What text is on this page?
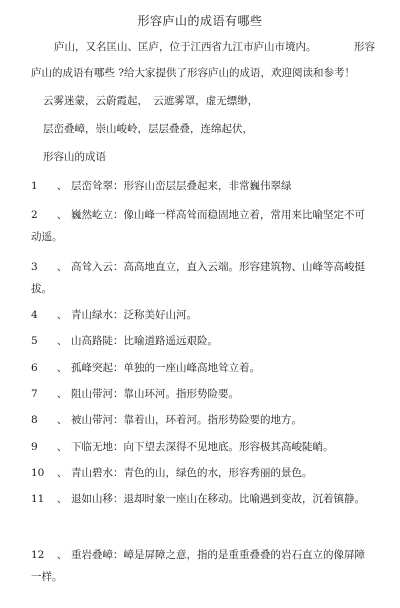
形容庐山的成语有哪些
庐山，又名匡山、匡庐，位于江西省九江市庐山市境内。	形容
庐山的成语有哪些 ?给大家提供了形容庐山的成语，欢迎阅读和参考！
云雾迷蒙，云蔚霞起，　云遮雾罩，虚无缥缈，
层峦叠嶂，崇山峻岭，层层叠叠，连绵起伏，
形容山的成语
1 、 层峦耸翠：形容山峦层层叠起来，非常巍伟翠绿
2 、 巍然屹立：像山峰一样高耸而稳固地立着，常用来比喻坚定不可动遥。
3 、 高耸入云：高高地直立，直入云端。形容建筑物、山峰等高峻挺拔。
4 、 青山绿水：泛称美好山河。
5 、 山高路陡：比喻道路遥远艰险。
6 、 孤峰突起：单独的一座山峰高地耸立着。
7 、 阻山带河：靠山环河。指形势险要。
8 、 被山带河：靠着山，环着河。指形势险要的地方。
9 、 下临无地：向下望去深得不见地底。形容极其高峻陡峭。
10 、 青山碧水：青色的山，绿色的水，形容秀丽的景色。
11 、 退如山移：退却时象一座山在移动。比喻遇到变故，沉着镇静。
12 、 重岩叠嶂：嶂是屏障之意，指的是重重叠叠的岩石直立的像屏障一样。
